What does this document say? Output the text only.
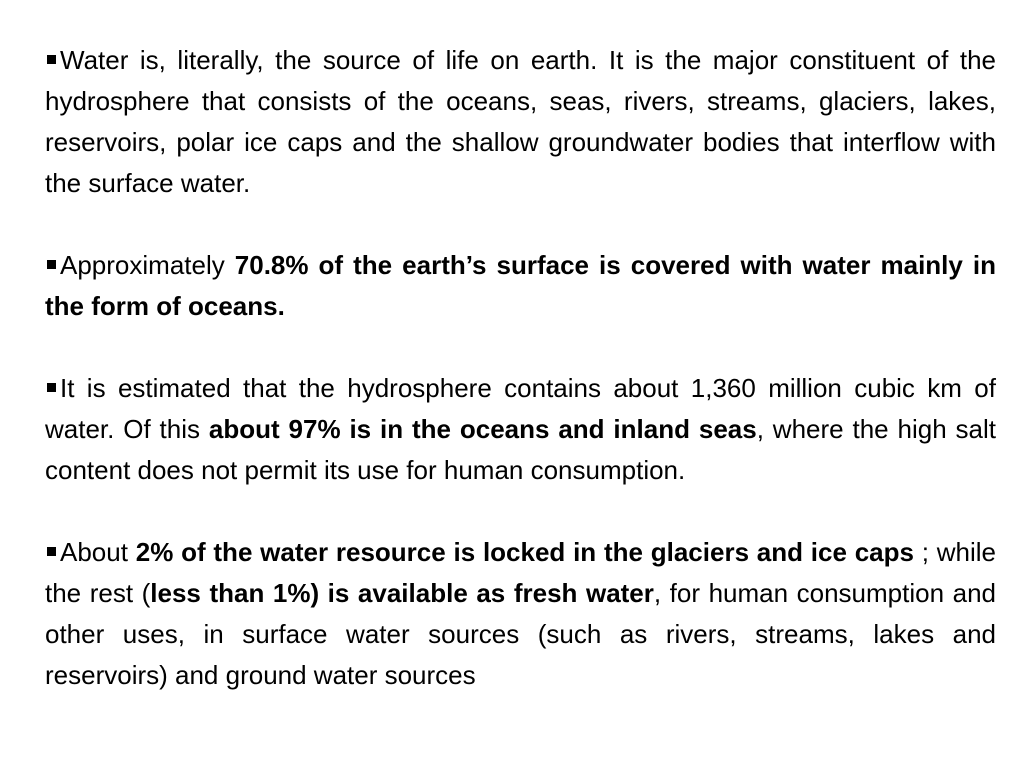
Water is, literally, the source of life on earth. It is the major constituent of the hydrosphere that consists of the oceans, seas, rivers, streams, glaciers, lakes, reservoirs, polar ice caps and the shallow groundwater bodies that interflow with the surface water.

Approximately 70.8% of the earth’s surface is covered with water mainly in the form of oceans.

It is estimated that the hydrosphere contains about 1,360 million cubic km of water. Of this about 97% is in the oceans and inland seas, where the high salt content does not permit its use for human consumption.

About 2% of the water resource is locked in the glaciers and ice caps ; while the rest (less than 1%) is available as fresh water, for human consumption and other uses, in surface water sources (such as rivers, streams, lakes and reservoirs) and ground water sources
